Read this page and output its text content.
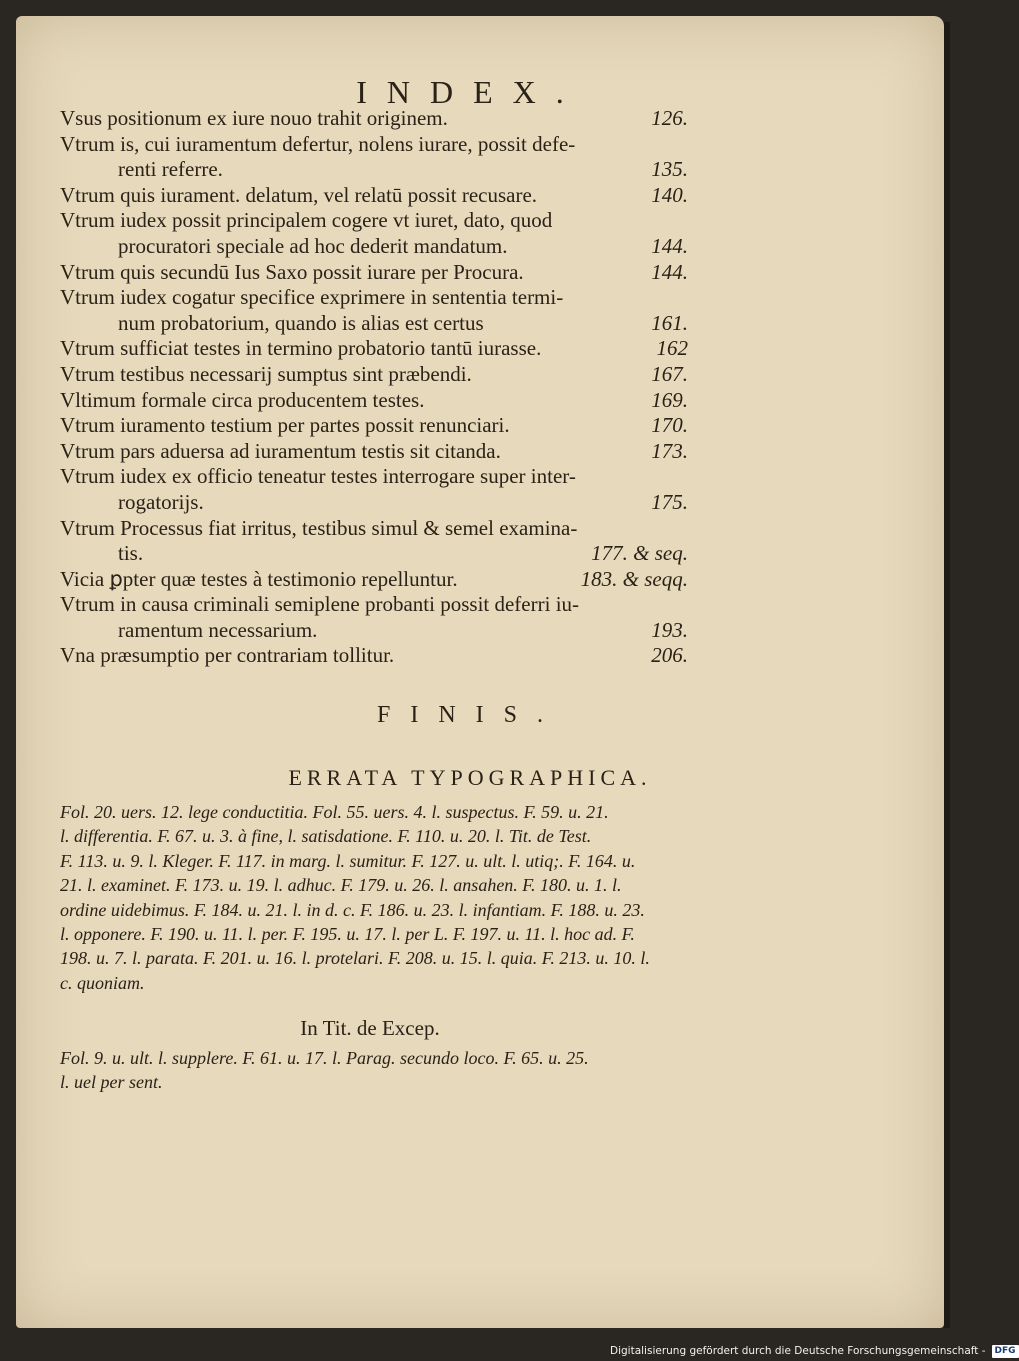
INDEX.
Vsus positionum ex iure nouo trahit originem.	126.
Vtrum is, cui iuramentum defertur, nolens iurare, possit defe-
renti referre.	135.
Vtrum quis iurament. delatum, vel relatū possit recusare.	140.
Vtrum iudex possit principalem cogere vt iuret, dato, quod
procuratori speciale ad hoc dederit mandatum.	144.
Vtrum quis secundū Ius Saxo possit iurare per Procura.	144.
Vtrum iudex cogatur specifice exprimere in sententia termi-
num probatorium, quando is alias est certus	161.
Vtrum sufficiat testes in termino probatorio tantū iurasse.	162
Vtrum testibus necessarij sumptus sint præbendi.	167.
Vltimum formale circa producentem testes.	169.
Vtrum iuramento testium per partes possit renunciari.	170.
Vtrum pars aduersa ad iuramentum testis sit citanda.	173.
Vtrum iudex ex officio teneatur testes interrogare super inter-
rogatorijs.	175.
Vtrum Processus fiat irritus, testibus simul & semel examina-
tis.	177. & seq.
Vicia ꝑpter quæ testes à testimonio repelluntur.	183. & seqq.
Vtrum in causa criminali semiplene probanti possit deferri iu-
ramentum necessarium.	193.
Vna præsumptio per contrariam tollitur.	206.
FINIS.
ERRATA TYPOGRAPHICA.
Fol. 20. uers. 12. lege conductitia. Fol. 55. uers. 4. l. suspectus. F. 59. u. 21.
l. differentia. F. 67. u. 3. à fine, l. satisdatione. F. 110. u. 20. l. Tit. de Test.
F. 113. u. 9. l. Kleger. F. 117. in marg. l. sumitur. F. 127. u. ult. l. utiq;. F. 164. u.
21. l. examinet. F. 173. u. 19. l. adhuc. F. 179. u. 26. l. ansahen. F. 180. u. 1. l.
ordine uidebimus. F. 184. u. 21. l. in d. c. F. 186. u. 23. l. infantiam. F. 188. u. 23.
l. opponere. F. 190. u. 11. l. per. F. 195. u. 17. l. per L. F. 197. u. 11. l. hoc ad. F.
198. u. 7. l. parata. F. 201. u. 16. l. protelari. F. 208. u. 15. l. quia. F. 213. u. 10. l.
c. quoniam.
In Tit. de Excep.
Fol. 9. u. ult. l. supplere. F. 61. u. 17. l. Parag. secundo loco. F. 65. u. 25.
l. uel per sent.
Digitalisierung gefördert durch die Deutsche Forschungsgemeinschaft -	DFG
